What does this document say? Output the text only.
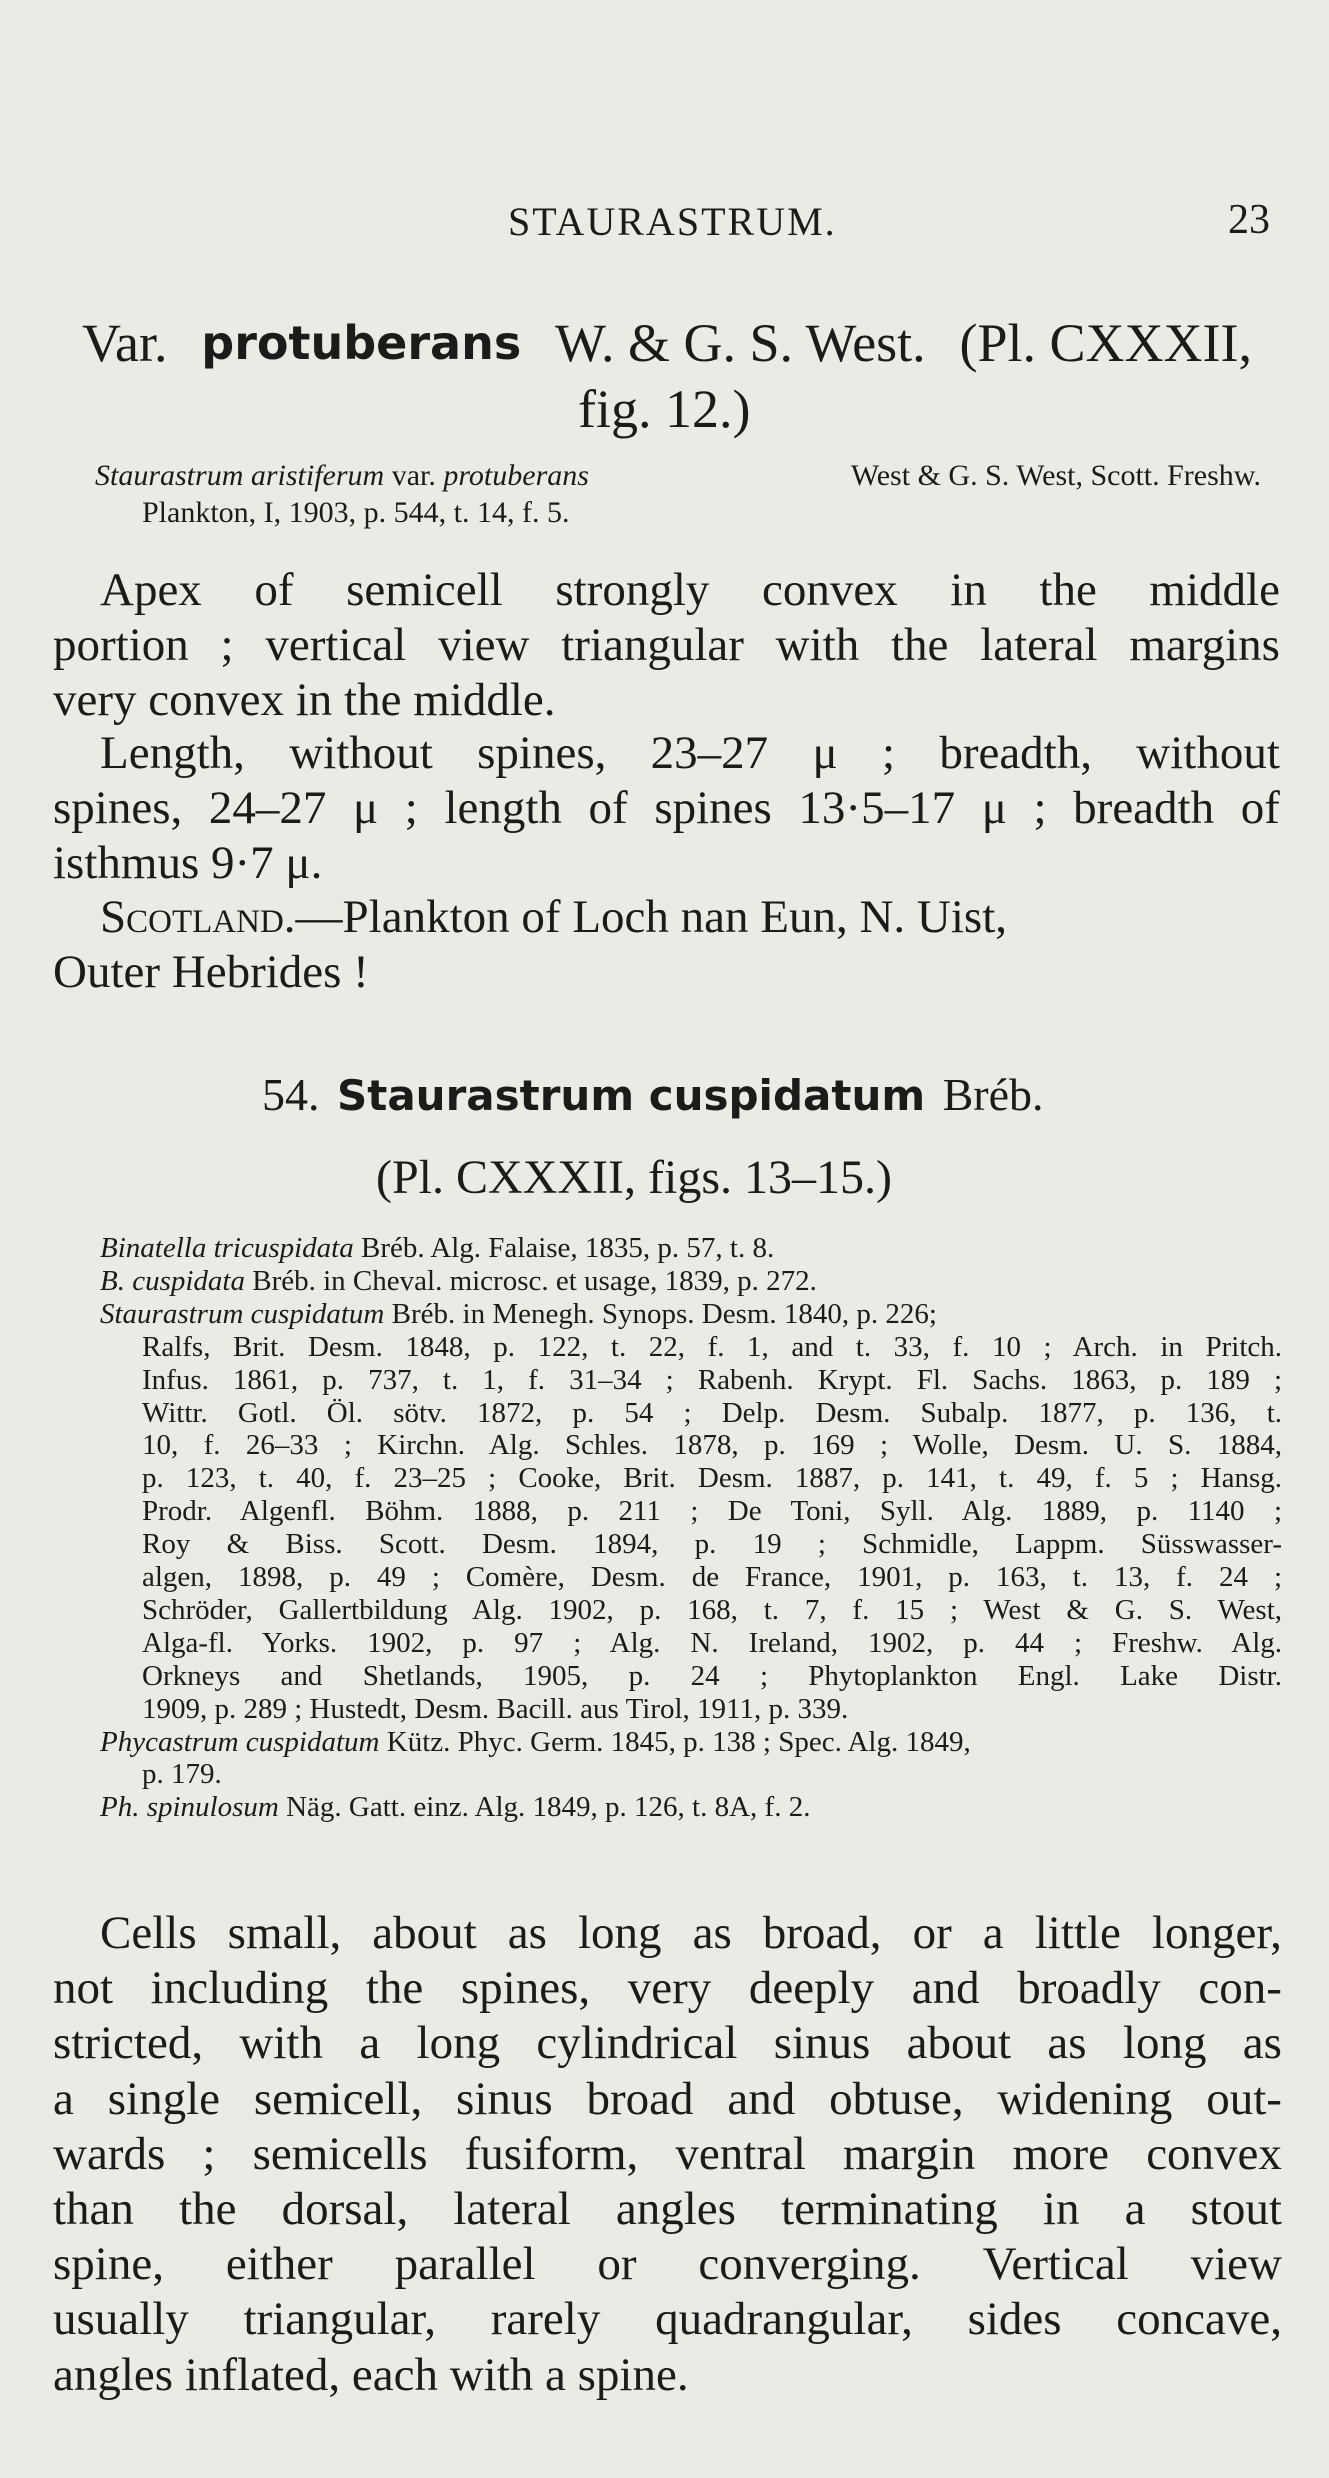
STAURASTRUM.	23
Var. protuberans W. & G. S. West. (Pl. CXXXII,
fig. 12.)
Staurastrum aristiferum var. protuberans	West & G. S. West, Scott. Freshw.
Plankton, I, 1903, p. 544, t. 14, f. 5.
Apex of semicell strongly convex in the middle
portion ; vertical view triangular with the lateral margins
very convex in the middle.
Length, without spines, 23–27 μ ; breadth, without
spines, 24–27 μ ; length of spines 13·5–17 μ ; breadth of
isthmus 9·7 μ.
Scotland.—Plankton of Loch nan Eun, N. Uist,
Outer Hebrides !
54. Staurastrum cuspidatum Bréb.
(Pl. CXXXII, figs. 13–15.)
Binatella tricuspidata Bréb. Alg. Falaise, 1835, p. 57, t. 8.
B. cuspidata Bréb. in Cheval. microsc. et usage, 1839, p. 272.
Staurastrum cuspidatum Bréb. in Menegh. Synops. Desm. 1840, p. 226;
Ralfs, Brit. Desm. 1848, p. 122, t. 22, f. 1, and t. 33, f. 10 ; Arch. in Pritch.
Infus. 1861, p. 737, t. 1, f. 31–34 ; Rabenh. Krypt. Fl. Sachs. 1863, p. 189 ;
Wittr. Gotl. Öl. sötv. 1872, p. 54 ; Delp. Desm. Subalp. 1877, p. 136, t.
10, f. 26–33 ; Kirchn. Alg. Schles. 1878, p. 169 ; Wolle, Desm. U. S. 1884,
p. 123, t. 40, f. 23–25 ; Cooke, Brit. Desm. 1887, p. 141, t. 49, f. 5 ; Hansg.
Prodr. Algenfl. Böhm. 1888, p. 211 ; De Toni, Syll. Alg. 1889, p. 1140 ;
Roy & Biss. Scott. Desm. 1894, p. 19 ; Schmidle, Lappm. Süsswasser-
algen, 1898, p. 49 ; Comère, Desm. de France, 1901, p. 163, t. 13, f. 24 ;
Schröder, Gallertbildung Alg. 1902, p. 168, t. 7, f. 15 ; West & G. S. West,
Alga-fl. Yorks. 1902, p. 97 ; Alg. N. Ireland, 1902, p. 44 ; Freshw. Alg.
Orkneys and Shetlands, 1905, p. 24 ; Phytoplankton Engl. Lake Distr.
1909, p. 289 ; Hustedt, Desm. Bacill. aus Tirol, 1911, p. 339.
Phycastrum cuspidatum Kütz. Phyc. Germ. 1845, p. 138 ; Spec. Alg. 1849,
p. 179.
Ph. spinulosum Näg. Gatt. einz. Alg. 1849, p. 126, t. 8A, f. 2.
Cells small, about as long as broad, or a little longer,
not including the spines, very deeply and broadly con-
stricted, with a long cylindrical sinus about as long as
a single semicell, sinus broad and obtuse, widening out-
wards ; semicells fusiform, ventral margin more convex
than the dorsal, lateral angles terminating in a stout
spine, either parallel or converging. Vertical view
usually triangular, rarely quadrangular, sides concave,
angles inflated, each with a spine.
